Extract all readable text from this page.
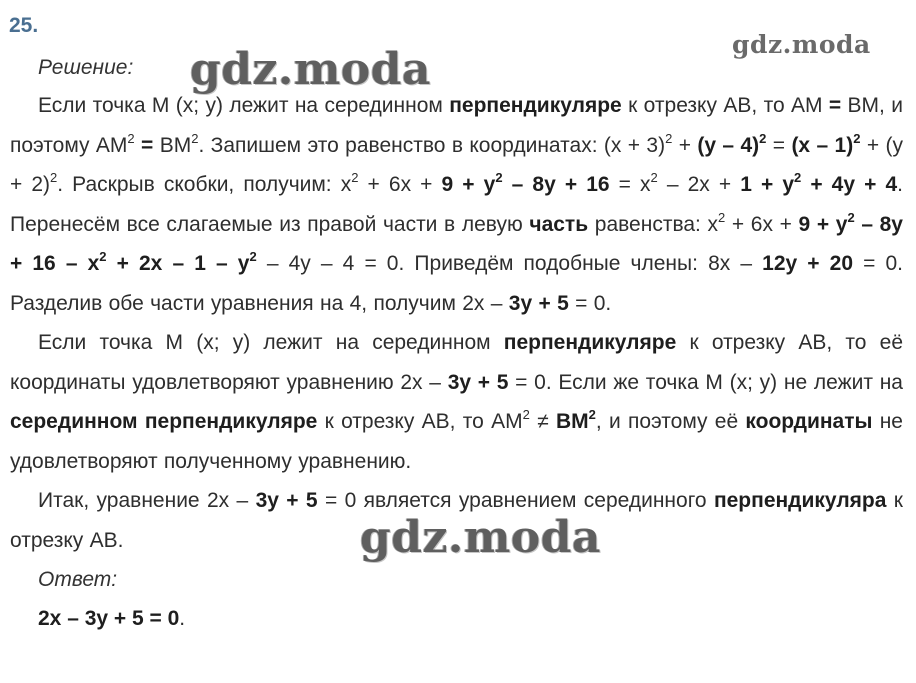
25.
Решение:
Если точка M (x; y) лежит на серединном перпендикуляре к отрезку AB, то AM = BM, и поэтому $AM^2 = BM^2$. Запишем это равенство в координатах: $(x + 3)^2 + (y - 4)^2 = (x - 1)^2 + (y + 2)^2$. Раскрыв скобки, получим: $x^2 + 6x + 9 + y^2 - 8y + 16 = x^2 - 2x + 1 + y^2 + 4y + 4$. Перенесём все слагаемые из правой части в левую часть равенства: $x^2 + 6x + 9 + y^2 - 8y + 16 - x^2 + 2x - 1 - y^2 - 4y - 4 = 0$. Приведём подобные члены: 8x – 12y + 20 = 0. Разделив обе части уравнения на 4, получим 2x – 3y + 5 = 0.
Если точка M (x; y) лежит на серединном перпендикуляре к отрезку AB, то её координаты удовлетворяют уравнению 2x – 3y + 5 = 0. Если же точка M (x; y) не лежит на серединном перпендикуляре к отрезку AB, то $AM^2 \ne BM^2$, и поэтому её координаты не удовлетворяют полученному уравнению.
Итак, уравнение 2x – 3y + 5 = 0 является уравнением серединного перпендикуляра к отрезку AB.
Ответ:
2x – 3y + 5 = 0.
gdz.moda	gdz.moda
gdz.moda
